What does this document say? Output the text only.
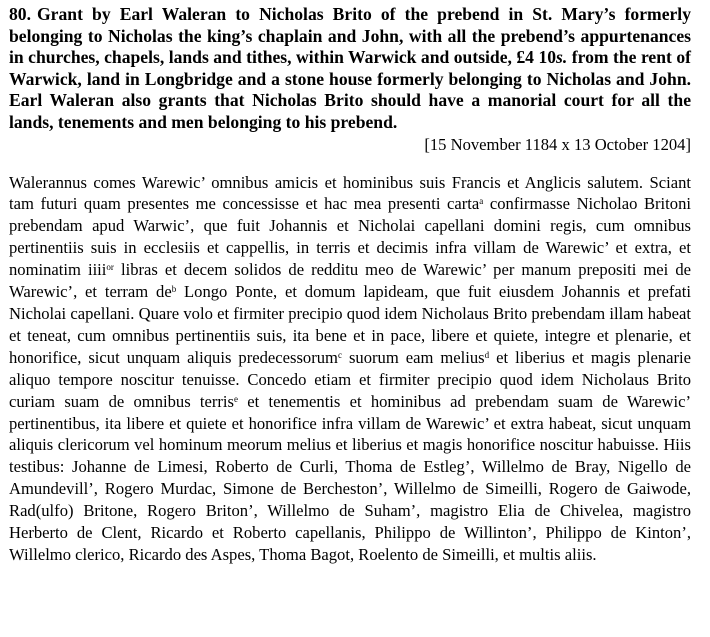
80. Grant by Earl Waleran to Nicholas Brito of the prebend in St. Mary’s formerly belonging to Nicholas the king’s chaplain and John, with all the prebend’s appurtenances in churches, chapels, lands and tithes, within Warwick and outside, £4 10s. from the rent of Warwick, land in Longbridge and a stone house formerly belonging to Nicholas and John. Earl Waleran also grants that Nicholas Brito should have a manorial court for all the lands, tenements and men belonging to his prebend.

[15 November 1184 x 13 October 1204]

Walerannus comes Warewic’ omnibus amicis et hominibus suis Francis et Anglicis salutem. Sciant tam futuri quam presentes me concessisse et hac mea presenti carta$^a$ confirmasse Nicholao Britoni prebendam apud Warwic’, que fuit Johannis et Nicholai capellani domini regis, cum omnibus pertinentiis suis in ecclesiis et cappellis, in terris et decimis infra villam de Warewic’ et extra, et nominatim iiii$^{or}$ libras et decem solidos de redditu meo de Warewic’ per manum prepositi mei de Warewic’, et terram $de^b$ Longo Ponte, et domum lapideam, que fuit eiusdem Johannis et prefati Nicholai capellani. Quare volo et firmiter precipio quod idem Nicholaus Brito prebendam illam habeat et teneat, cum omnibus pertinentiis suis, ita bene et in pace, libere et quiete, integre et plenarie, et honorifice, sicut unquam aliquis predecessorum$^c$ suorum eam melius$^d$ et liberius et magis plenarie aliquo tempore noscitur tenuisse. Concedo etiam et firmiter precipio quod idem Nicholaus Brito curiam suam de omnibus terris$^e$ et tenementis et hominibus ad prebendam suam de Warewic’ pertinentibus, ita libere et quiete et honorifice infra villam de Warewic’ et extra habeat, sicut unquam aliquis clericorum vel hominum meorum melius et liberius et magis honorifice noscitur habuisse. Hiis testibus: Johanne de Limesi, Roberto de Curli, Thoma de Estleg’, Willelmo de Bray, Nigello de Amundevill’, Rogero Murdac, Simone de Bercheston’, Willelmo de Simeilli, Rogero de Gaiwode, Rad(ulfo) Britone, Rogero Briton’, Willelmo de Suham’, magistro Elia de Chivelea, magistro Herberto de Clent, Ricardo et Roberto capellanis, Philippo de Willinton’, Philippo de Kinton’, Willelmo clerico, Ricardo des Aspes, Thoma Bagot, Roelento de Simeilli, et multis aliis.
